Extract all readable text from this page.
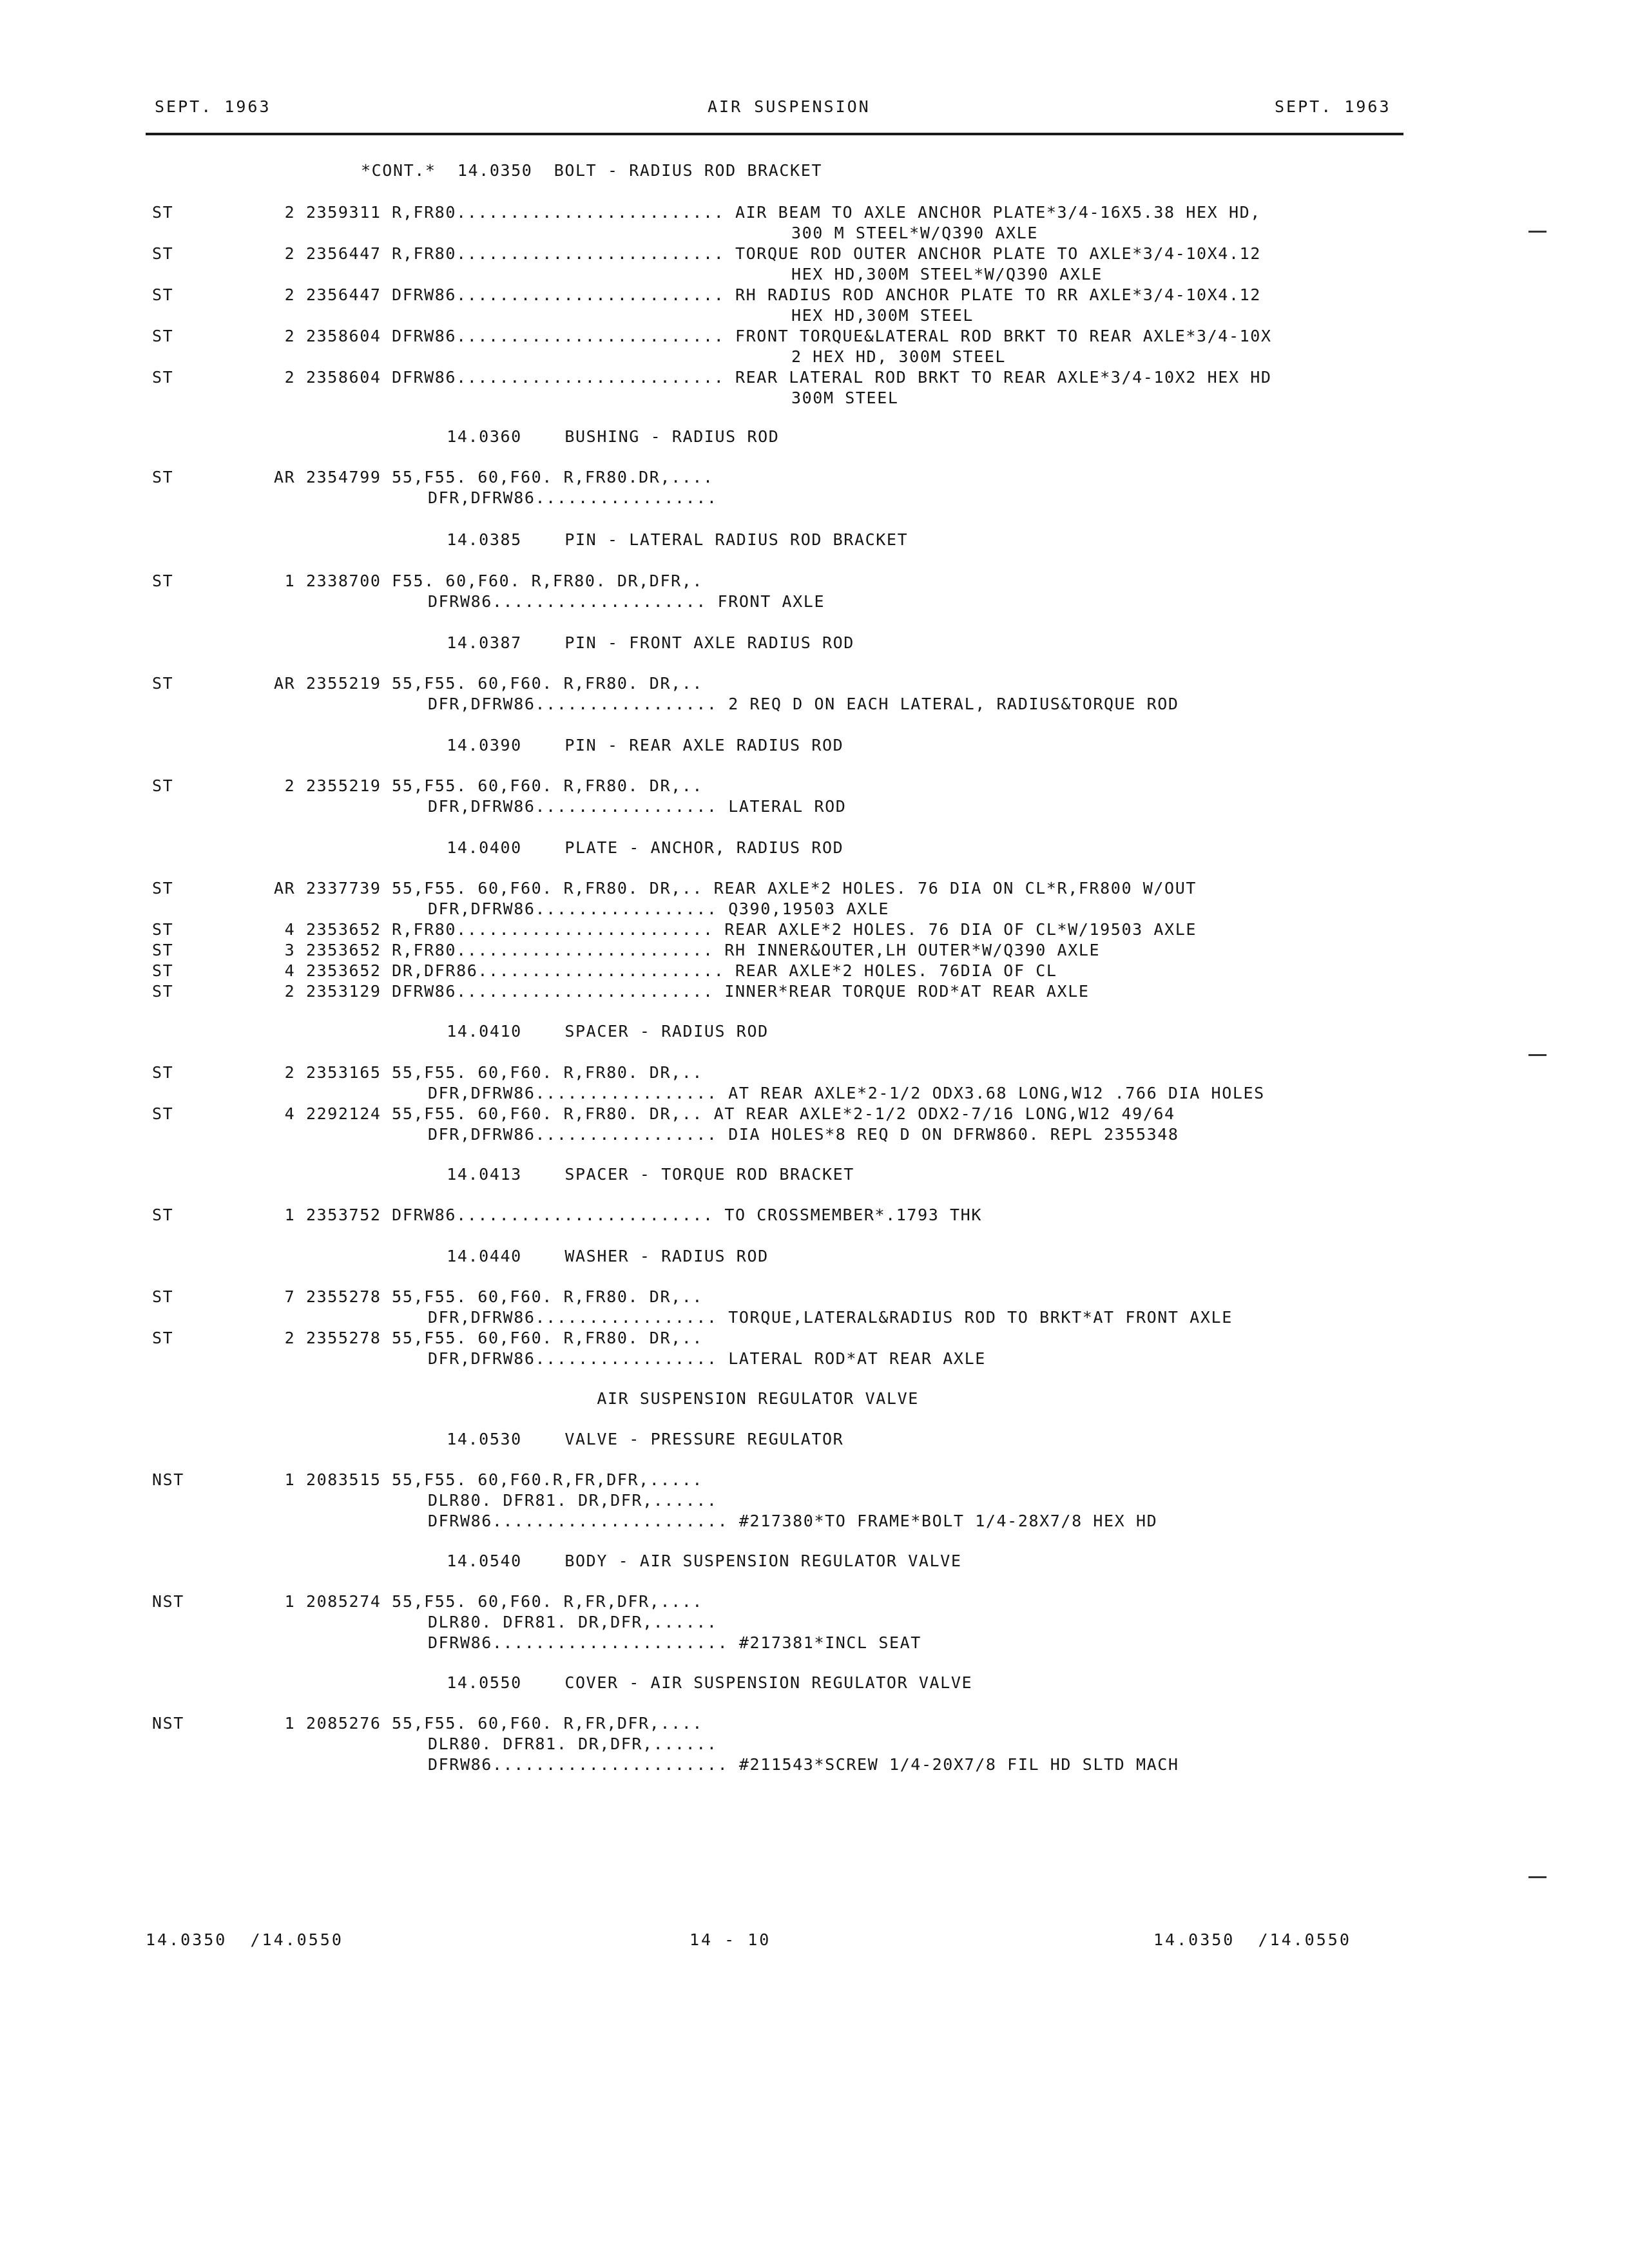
SEPT. 1963	AIR SUSPENSION	SEPT. 1963
*CONT.*  14.0350  BOLT - RADIUS ROD BRACKET
ST	2 2359311 R,FR80......................... AIR BEAM TO AXLE ANCHOR PLATE*3/4-16X5.38 HEX HD,
300 M STEEL*W/Q390 AXLE
ST	2 2356447 R,FR80......................... TORQUE ROD OUTER ANCHOR PLATE TO AXLE*3/4-10X4.12
HEX HD,300M STEEL*W/Q390 AXLE
ST	2 2356447 DFRW86......................... RH RADIUS ROD ANCHOR PLATE TO RR AXLE*3/4-10X4.12
HEX HD,300M STEEL
ST	2 2358604 DFRW86......................... FRONT TORQUE&LATERAL ROD BRKT TO REAR AXLE*3/4-10X
2 HEX HD, 300M STEEL
ST	2 2358604 DFRW86......................... REAR LATERAL ROD BRKT TO REAR AXLE*3/4-10X2 HEX HD
300M STEEL
14.0360    BUSHING - RADIUS ROD
ST	AR 2354799 55,F55. 60,F60. R,FR80.DR,....
DFR,DFRW86.................
14.0385    PIN - LATERAL RADIUS ROD BRACKET
ST	1 2338700 F55. 60,F60. R,FR80. DR,DFR,.
DFRW86.................... FRONT AXLE
14.0387    PIN - FRONT AXLE RADIUS ROD
ST	AR 2355219 55,F55. 60,F60. R,FR80. DR,..
DFR,DFRW86................. 2 REQ D ON EACH LATERAL, RADIUS&TORQUE ROD
14.0390    PIN - REAR AXLE RADIUS ROD
ST	2 2355219 55,F55. 60,F60. R,FR80. DR,..
DFR,DFRW86................. LATERAL ROD
14.0400    PLATE - ANCHOR, RADIUS ROD
ST	AR 2337739 55,F55. 60,F60. R,FR80. DR,.. REAR AXLE*2 HOLES. 76 DIA ON CL*R,FR800 W/OUT
DFR,DFRW86................. Q390,19503 AXLE
ST	4 2353652 R,FR80........................ REAR AXLE*2 HOLES. 76 DIA OF CL*W/19503 AXLE
ST	3 2353652 R,FR80........................ RH INNER&OUTER,LH OUTER*W/Q390 AXLE
ST	4 2353652 DR,DFR86....................... REAR AXLE*2 HOLES. 76DIA OF CL
ST	2 2353129 DFRW86........................ INNER*REAR TORQUE ROD*AT REAR AXLE
14.0410    SPACER - RADIUS ROD
ST	2 2353165 55,F55. 60,F60. R,FR80. DR,..
DFR,DFRW86................. AT REAR AXLE*2-1/2 ODX3.68 LONG,W12 .766 DIA HOLES
ST	4 2292124 55,F55. 60,F60. R,FR80. DR,.. AT REAR AXLE*2-1/2 ODX2-7/16 LONG,W12 49/64
DFR,DFRW86................. DIA HOLES*8 REQ D ON DFRW860. REPL 2355348
14.0413    SPACER - TORQUE ROD BRACKET
ST	1 2353752 DFRW86........................ TO CROSSMEMBER*.1793 THK
14.0440    WASHER - RADIUS ROD
ST	7 2355278 55,F55. 60,F60. R,FR80. DR,..
DFR,DFRW86................. TORQUE,LATERAL&RADIUS ROD TO BRKT*AT FRONT AXLE
ST	2 2355278 55,F55. 60,F60. R,FR80. DR,..
DFR,DFRW86................. LATERAL ROD*AT REAR AXLE
AIR SUSPENSION REGULATOR VALVE
14.0530    VALVE - PRESSURE REGULATOR
NST	1 2083515 55,F55. 60,F60.R,FR,DFR,.....
DLR80. DFR81. DR,DFR,......
DFRW86...................... #217380*TO FRAME*BOLT 1/4-28X7/8 HEX HD
14.0540    BODY - AIR SUSPENSION REGULATOR VALVE
NST	1 2085274 55,F55. 60,F60. R,FR,DFR,....
DLR80. DFR81. DR,DFR,......
DFRW86...................... #217381*INCL SEAT
14.0550    COVER - AIR SUSPENSION REGULATOR VALVE
NST	1 2085276 55,F55. 60,F60. R,FR,DFR,....
DLR80. DFR81. DR,DFR,......
DFRW86...................... #211543*SCREW 1/4-20X7/8 FIL HD SLTD MACH
14.0350  /14.0550	14 - 10	14.0350  /14.0550
